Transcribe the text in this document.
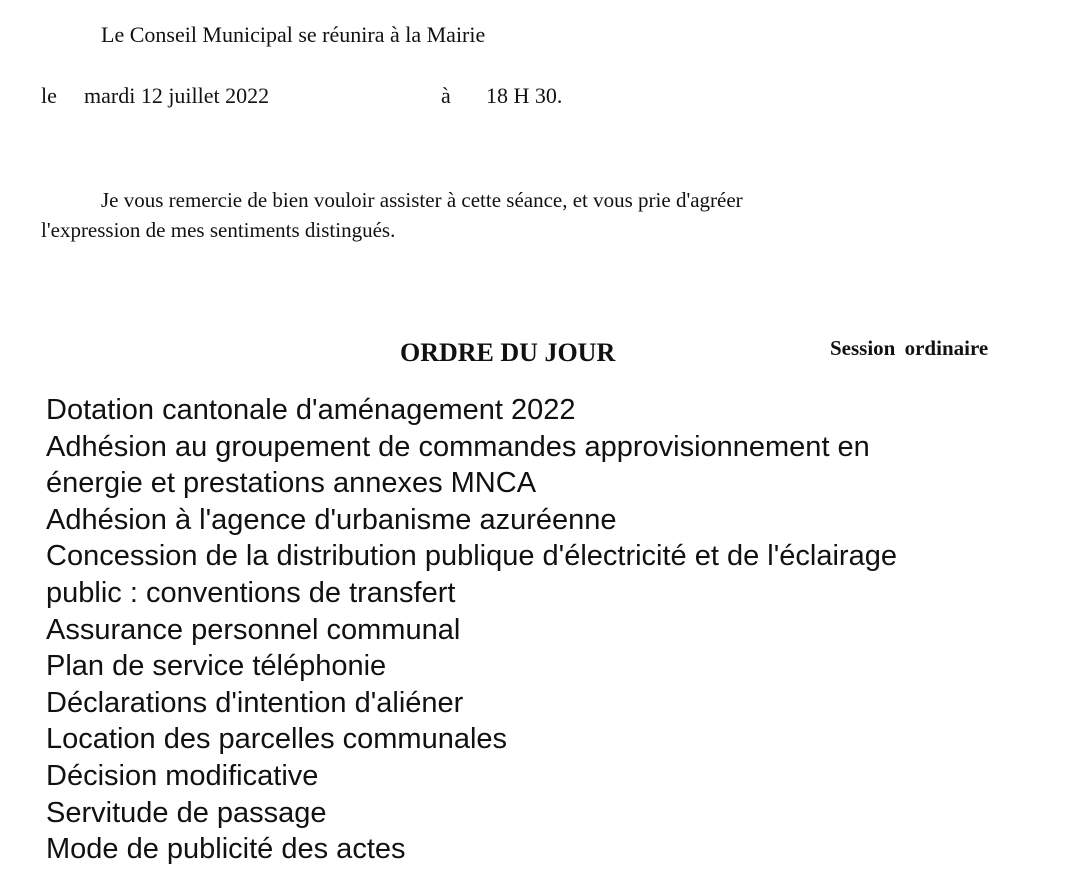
Le Conseil Municipal se réunira à la Mairie
le mardi 12 juillet 2022	à 18 H 30.
Je vous remercie de bien vouloir assister à cette séance, et vous prie d'agréer
l'expression de mes sentiments distingués.
ORDRE DU JOUR	Session ordinaire
Dotation cantonale d'aménagement 2022
Adhésion au groupement de commandes approvisionnement en
énergie et prestations annexes MNCA
Adhésion à l'agence d'urbanisme azuréenne
Concession de la distribution publique d'électricité et de l'éclairage
public : conventions de transfert
Assurance personnel communal
Plan de service téléphonie
Déclarations d'intention d'aliéner
Location des parcelles communales
Décision modificative
Servitude de passage
Mode de publicité des actes
